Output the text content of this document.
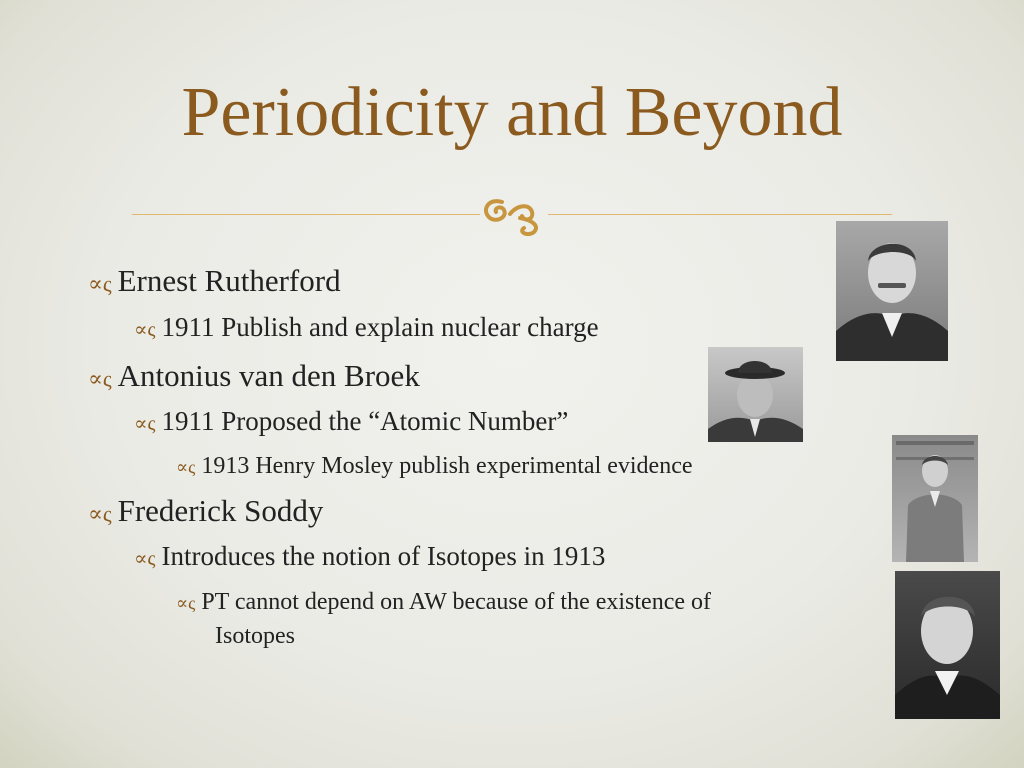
Periodicity and Beyond
∝ς Ernest Rutherford
∝ς 1911 Publish and explain nuclear charge
∝ς Antonius van den Broek
∝ς 1911 Proposed the “Atomic Number”
∝ς 1913 Henry Mosley publish experimental evidence
∝ς Frederick Soddy
∝ς Introduces the notion of Isotopes in 1913
∝ς PT cannot depend on AW because of the existence of
Isotopes
